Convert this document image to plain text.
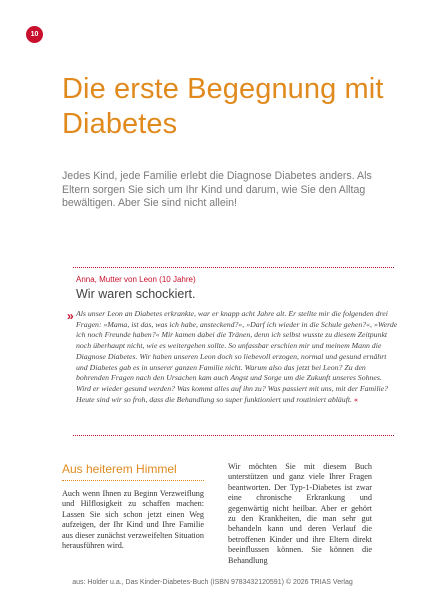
10
Die erste Begegnung mit Diabetes

Jedes Kind, jede Familie erlebt die Diagnose Diabetes anders. Als Eltern sorgen Sie sich um Ihr Kind und darum, wie Sie den Alltag bewältigen. Aber Sie sind nicht allein!

Anna, Mutter von Leon (10 Jahre)
Wir waren schockiert.
» Als unser Leon an Diabetes erkrankte, war er knapp acht Jahre alt. Er stellte mir die folgenden drei Fragen: »Mama, ist das, was ich habe, ansteckend?«, »Darf ich wieder in die Schule gehen?«, »Werde ich noch Freunde haben?« Mir kamen dabei die Tränen, denn ich selbst wusste zu diesem Zeitpunkt noch überhaupt nicht, wie es weitergehen sollte. So unfassbar erschien mir und meinem Mann die Diagnose Diabetes. Wir haben unseren Leon doch so liebevoll erzogen, normal und gesund ernährt und Diabetes gab es in unserer ganzen Familie nicht. Warum also das jetzt bei Leon? Zu den bohrenden Fragen nach den Ursachen kam auch Angst und Sorge um die Zukunft unseres Sohnes. Wird er wieder gesund werden? Was kommt alles auf ihn zu? Was passiert mit uns, mit der Familie? Heute sind wir so froh, dass die Behandlung so super funktioniert und routiniert abläuft. «

Aus heiterem Himmel

Auch wenn Ihnen zu Beginn Verzweiflung und Hilflosigkeit zu schaffen machen: Lassen Sie sich schon jetzt einen Weg aufzeigen, der Ihr Kind und Ihre Familie aus dieser zunächst verzweifelten Situation herausführen wird.

Wir möchten Sie mit diesem Buch unterstützen und ganz viele Ihrer Fragen beantworten. Der Typ-1-Diabetes ist zwar eine chronische Erkrankung und gegenwärtig nicht heilbar. Aber er gehört zu den Krankheiten, die man sehr gut behandeln kann und deren Verlauf die betroffenen Kinder und ihre Eltern direkt beeinflussen können. Sie können die Behandlung

aus: Holder u.a., Das Kinder-Diabetes-Buch (ISBN 9783432120591) © 2026 TRIAS Verlag
